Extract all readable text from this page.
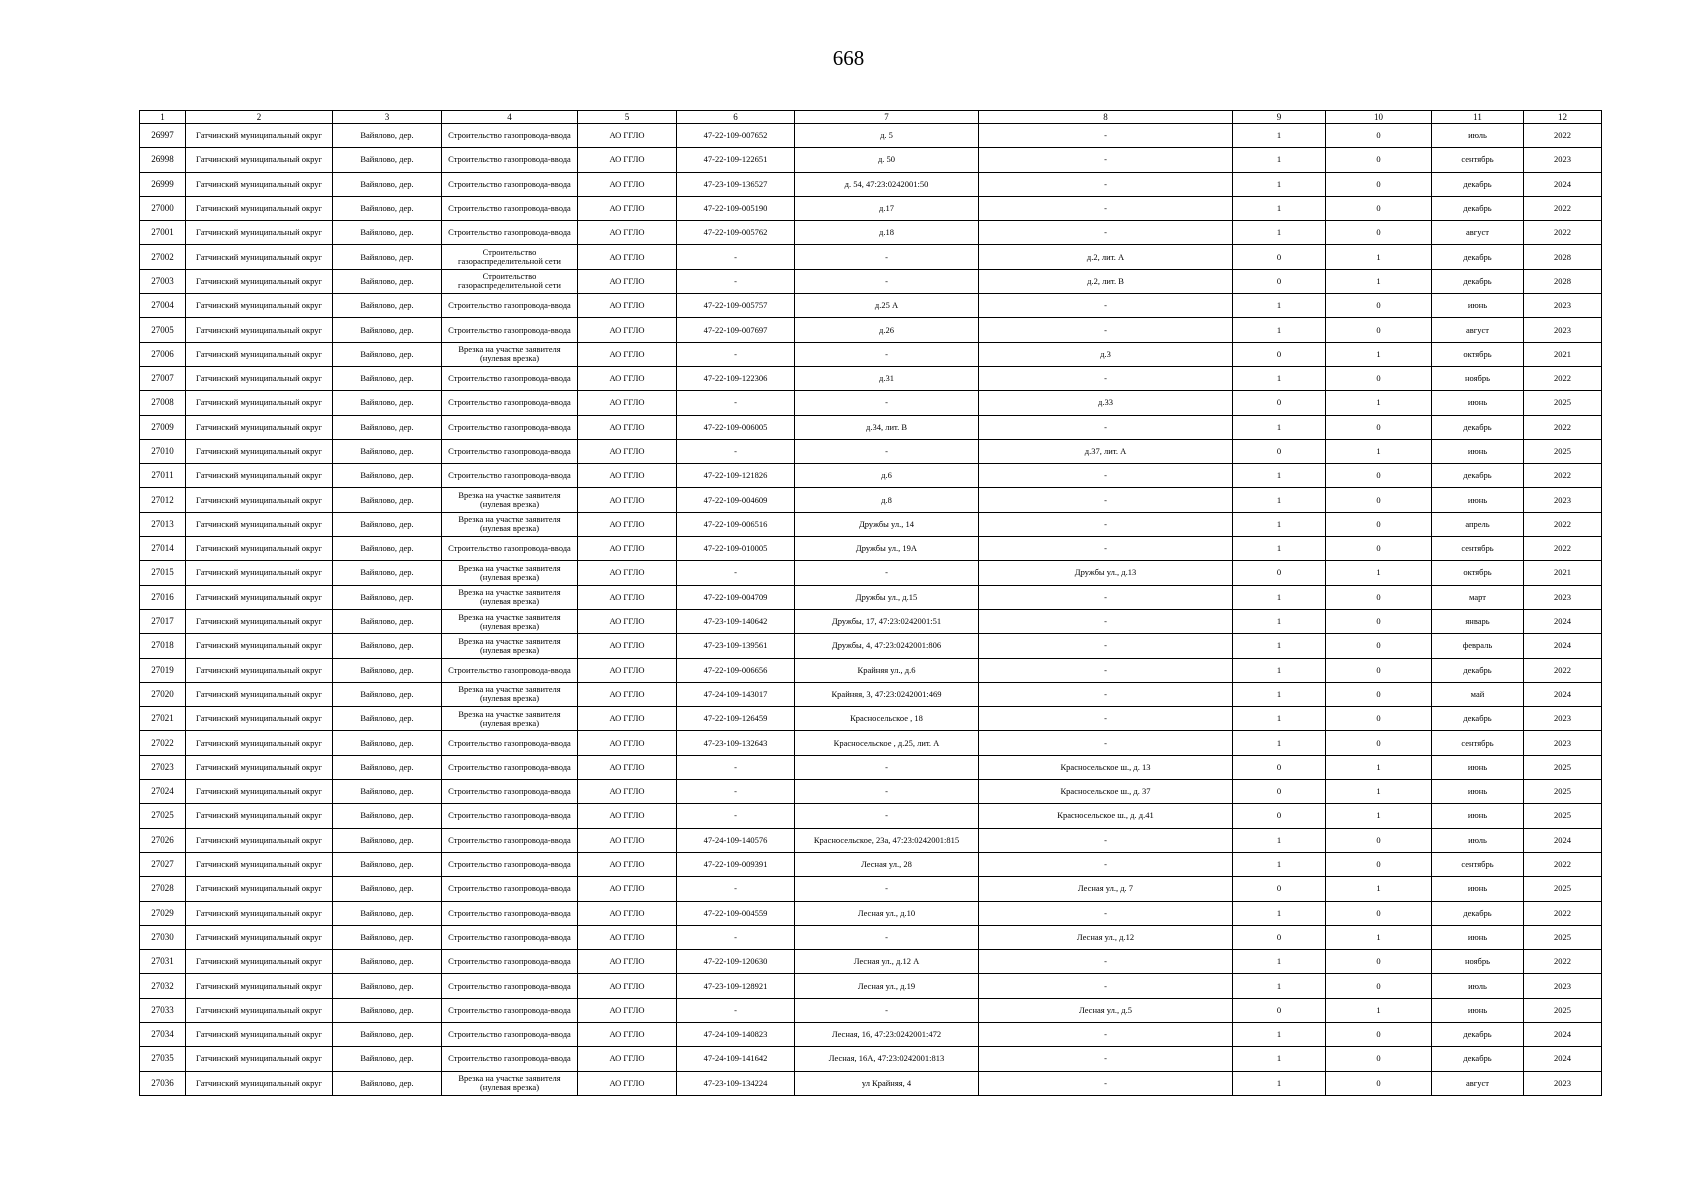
668
1	2	3	4	5	6	7	8	9	10	11	12
26997	Гатчинский муниципальный округ	Вайялово, дер.	Строительство газопровода-ввода	АО ГГЛО	47-22-109-007652	д. 5	-	1	0	июль	2022
26998	Гатчинский муниципальный округ	Вайялово, дер.	Строительство газопровода-ввода	АО ГГЛО	47-22-109-122651	д. 50	-	1	0	сентябрь	2023
26999	Гатчинский муниципальный округ	Вайялово, дер.	Строительство газопровода-ввода	АО ГГЛО	47-23-109-136527	д. 54, 47:23:0242001:50	-	1	0	декабрь	2024
27000	Гатчинский муниципальный округ	Вайялово, дер.	Строительство газопровода-ввода	АО ГГЛО	47-22-109-005190	д.17	-	1	0	декабрь	2022
27001	Гатчинский муниципальный округ	Вайялово, дер.	Строительство газопровода-ввода	АО ГГЛО	47-22-109-005762	д.18	-	1	0	август	2022
27002	Гатчинский муниципальный округ	Вайялово, дер.	Строительство газораспределительной сети	АО ГГЛО	-	-	д.2, лит. А	0	1	декабрь	2028
27003	Гатчинский муниципальный округ	Вайялово, дер.	Строительство газораспределительной сети	АО ГГЛО	-	-	д.2, лит. В	0	1	декабрь	2028
27004	Гатчинский муниципальный округ	Вайялово, дер.	Строительство газопровода-ввода	АО ГГЛО	47-22-109-005757	д.25 А	-	1	0	июнь	2023
27005	Гатчинский муниципальный округ	Вайялово, дер.	Строительство газопровода-ввода	АО ГГЛО	47-22-109-007697	д.26	-	1	0	август	2023
27006	Гатчинский муниципальный округ	Вайялово, дер.	Врезка на участке заявителя (нулевая врезка)	АО ГГЛО	-	-	д.3	0	1	октябрь	2021
27007	Гатчинский муниципальный округ	Вайялово, дер.	Строительство газопровода-ввода	АО ГГЛО	47-22-109-122306	д.31	-	1	0	ноябрь	2022
27008	Гатчинский муниципальный округ	Вайялово, дер.	Строительство газопровода-ввода	АО ГГЛО	-	-	д.33	0	1	июнь	2025
27009	Гатчинский муниципальный округ	Вайялово, дер.	Строительство газопровода-ввода	АО ГГЛО	47-22-109-006005	д.34, лит. В	-	1	0	декабрь	2022
27010	Гатчинский муниципальный округ	Вайялово, дер.	Строительство газопровода-ввода	АО ГГЛО	-	-	д.37, лит. А	0	1	июнь	2025
27011	Гатчинский муниципальный округ	Вайялово, дер.	Строительство газопровода-ввода	АО ГГЛО	47-22-109-121826	д.6	-	1	0	декабрь	2022
27012	Гатчинский муниципальный округ	Вайялово, дер.	Врезка на участке заявителя (нулевая врезка)	АО ГГЛО	47-22-109-004609	д.8	-	1	0	июнь	2023
27013	Гатчинский муниципальный округ	Вайялово, дер.	Врезка на участке заявителя (нулевая врезка)	АО ГГЛО	47-22-109-006516	Дружбы ул., 14	-	1	0	апрель	2022
27014	Гатчинский муниципальный округ	Вайялово, дер.	Строительство газопровода-ввода	АО ГГЛО	47-22-109-010005	Дружбы ул., 19А	-	1	0	сентябрь	2022
27015	Гатчинский муниципальный округ	Вайялово, дер.	Врезка на участке заявителя (нулевая врезка)	АО ГГЛО	-	-	Дружбы ул., д.13	0	1	октябрь	2021
27016	Гатчинский муниципальный округ	Вайялово, дер.	Врезка на участке заявителя (нулевая врезка)	АО ГГЛО	47-22-109-004709	Дружбы ул., д.15	-	1	0	март	2023
27017	Гатчинский муниципальный округ	Вайялово, дер.	Врезка на участке заявителя (нулевая врезка)	АО ГГЛО	47-23-109-140642	Дружбы, 17, 47:23:0242001:51	-	1	0	январь	2024
27018	Гатчинский муниципальный округ	Вайялово, дер.	Врезка на участке заявителя (нулевая врезка)	АО ГГЛО	47-23-109-139561	Дружбы, 4, 47:23:0242001:806	-	1	0	февраль	2024
27019	Гатчинский муниципальный округ	Вайялово, дер.	Строительство газопровода-ввода	АО ГГЛО	47-22-109-006656	Крайняя ул., д.6	-	1	0	декабрь	2022
27020	Гатчинский муниципальный округ	Вайялово, дер.	Врезка на участке заявителя (нулевая врезка)	АО ГГЛО	47-24-109-143017	Крайняя, 3, 47:23:0242001:469	-	1	0	май	2024
27021	Гатчинский муниципальный округ	Вайялово, дер.	Врезка на участке заявителя (нулевая врезка)	АО ГГЛО	47-22-109-126459	Красносельское , 18	-	1	0	декабрь	2023
27022	Гатчинский муниципальный округ	Вайялово, дер.	Строительство газопровода-ввода	АО ГГЛО	47-23-109-132643	Красносельское , д.25, лит. А	-	1	0	сентябрь	2023
27023	Гатчинский муниципальный округ	Вайялово, дер.	Строительство газопровода-ввода	АО ГГЛО	-	-	Красносельское ш., д. 13	0	1	июнь	2025
27024	Гатчинский муниципальный округ	Вайялово, дер.	Строительство газопровода-ввода	АО ГГЛО	-	-	Красносельское ш., д. 37	0	1	июнь	2025
27025	Гатчинский муниципальный округ	Вайялово, дер.	Строительство газопровода-ввода	АО ГГЛО	-	-	Красносельское ш., д. д.41	0	1	июнь	2025
27026	Гатчинский муниципальный округ	Вайялово, дер.	Строительство газопровода-ввода	АО ГГЛО	47-24-109-140576	Красносельское, 23а, 47:23:0242001:815	-	1	0	июль	2024
27027	Гатчинский муниципальный округ	Вайялово, дер.	Строительство газопровода-ввода	АО ГГЛО	47-22-109-009391	Лесная ул., 28	-	1	0	сентябрь	2022
27028	Гатчинский муниципальный округ	Вайялово, дер.	Строительство газопровода-ввода	АО ГГЛО	-	-	Лесная ул., д. 7	0	1	июнь	2025
27029	Гатчинский муниципальный округ	Вайялово, дер.	Строительство газопровода-ввода	АО ГГЛО	47-22-109-004559	Лесная ул., д.10	-	1	0	декабрь	2022
27030	Гатчинский муниципальный округ	Вайялово, дер.	Строительство газопровода-ввода	АО ГГЛО	-	-	Лесная ул., д.12	0	1	июнь	2025
27031	Гатчинский муниципальный округ	Вайялово, дер.	Строительство газопровода-ввода	АО ГГЛО	47-22-109-120630	Лесная ул., д.12 А	-	1	0	ноябрь	2022
27032	Гатчинский муниципальный округ	Вайялово, дер.	Строительство газопровода-ввода	АО ГГЛО	47-23-109-128921	Лесная ул., д.19	-	1	0	июль	2023
27033	Гатчинский муниципальный округ	Вайялово, дер.	Строительство газопровода-ввода	АО ГГЛО	-	-	Лесная ул., д.5	0	1	июнь	2025
27034	Гатчинский муниципальный округ	Вайялово, дер.	Строительство газопровода-ввода	АО ГГЛО	47-24-109-140823	Лесная, 16, 47:23:0242001:472	-	1	0	декабрь	2024
27035	Гатчинский муниципальный округ	Вайялово, дер.	Строительство газопровода-ввода	АО ГГЛО	47-24-109-141642	Лесная, 16А, 47:23:0242001:813	-	1	0	декабрь	2024
27036	Гатчинский муниципальный округ	Вайялово, дер.	Врезка на участке заявителя (нулевая врезка)	АО ГГЛО	47-23-109-134224	ул Крайняя, 4	-	1	0	август	2023
